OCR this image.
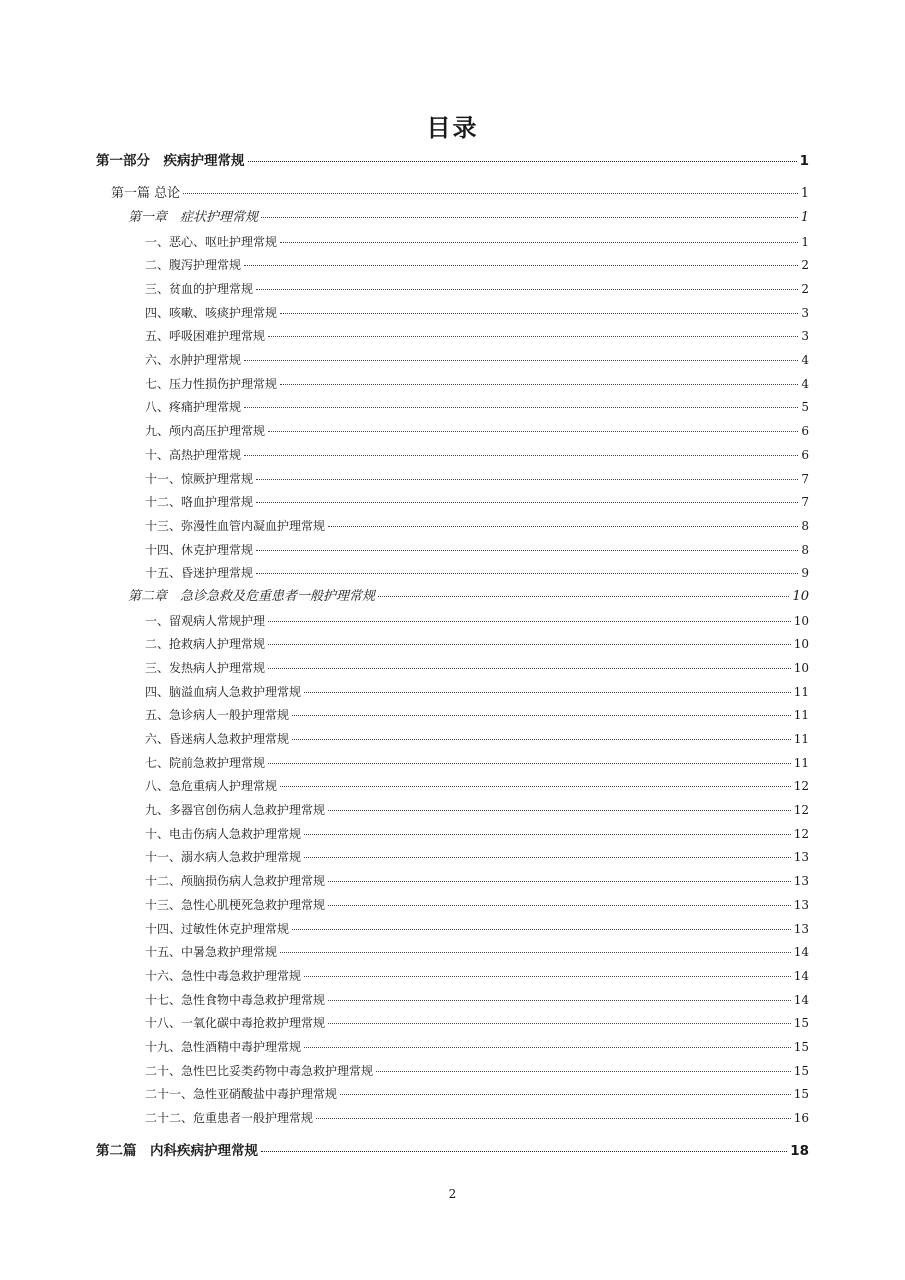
目录
第一部分　疾病护理常规	1
第一篇 总论	1
第一章　症状护理常规	1
一、恶心、呕吐护理常规	1
二、腹泻护理常规	2
三、贫血的护理常规	2
四、咳嗽、咳痰护理常规	3
五、呼吸困难护理常规	3
六、水肿护理常规	4
七、压力性损伤护理常规	4
八、疼痛护理常规	5
九、颅内高压护理常规	6
十、高热护理常规	6
十一、惊厥护理常规	7
十二、咯血护理常规	7
十三、弥漫性血管内凝血护理常规	8
十四、休克护理常规	8
十五、昏迷护理常规	9
第二章　急诊急救及危重患者一般护理常规	10
一、留观病人常规护理	10
二、抢救病人护理常规	10
三、发热病人护理常规	10
四、脑溢血病人急救护理常规	11
五、急诊病人一般护理常规	11
六、昏迷病人急救护理常规	11
七、院前急救护理常规	11
八、急危重病人护理常规	12
九、多器官创伤病人急救护理常规	12
十、电击伤病人急救护理常规	12
十一、溺水病人急救护理常规	13
十二、颅脑损伤病人急救护理常规	13
十三、急性心肌梗死急救护理常规	13
十四、过敏性休克护理常规	13
十五、中暑急救护理常规	14
十六、急性中毒急救护理常规	14
十七、急性食物中毒急救护理常规	14
十八、一氧化碳中毒抢救护理常规	15
十九、急性酒精中毒护理常规	15
二十、急性巴比妥类药物中毒急救护理常规	15
二十一、急性亚硝酸盐中毒护理常规	15
二十二、危重患者一般护理常规	16
第二篇　内科疾病护理常规	18
2
